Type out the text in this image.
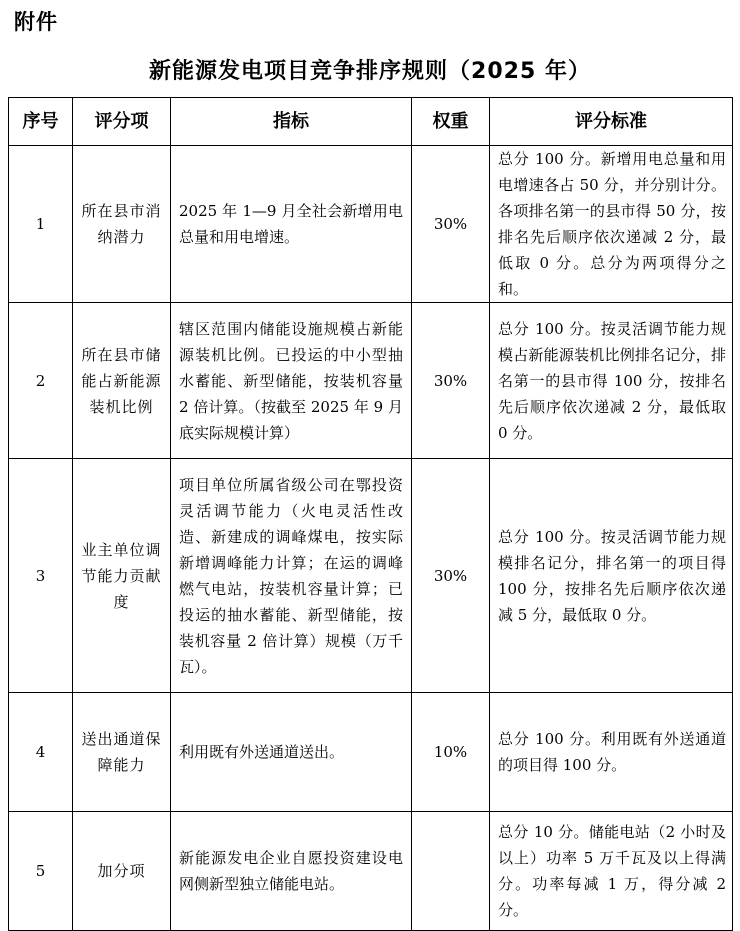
附件
新能源发电项目竞争排序规则（2025 年）
序号	评分项	指标	权重	评分标准
1	所在县市消纳潜力	2025 年 1—9 月全社会新增用电总量和用电增速。	30%	总分 100 分。新增用电总量和用电增速各占 50 分，并分别计分。各项排名第一的县市得 50 分，按排名先后顺序依次递减 2 分，最低取 0 分。总分为两项得分之和。
2	所在县市储能占新能源装机比例	辖区范围内储能设施规模占新能源装机比例。已投运的中小型抽水蓄能、新型储能，按装机容量 2 倍计算。（按截至 2025 年 9 月底实际规模计算）	30%	总分 100 分。按灵活调节能力规模占新能源装机比例排名记分，排名第一的县市得 100 分，按排名先后顺序依次递减 2 分，最低取 0 分。
3	业主单位调节能力贡献度	项目单位所属省级公司在鄂投资灵活调节能力（火电灵活性改造、新建成的调峰煤电，按实际新增调峰能力计算；在运的调峰燃气电站，按装机容量计算；已投运的抽水蓄能、新型储能，按装机容量 2 倍计算）规模（万千瓦）。	30%	总分 100 分。按灵活调节能力规模排名记分，排名第一的项目得 100 分，按排名先后顺序依次递减 5 分，最低取 0 分。
4	送出通道保障能力	利用既有外送通道送出。	10%	总分 100 分。利用既有外送通道的项目得 100 分。
5	加分项	新能源发电企业自愿投资建设电网侧新型独立储能电站。		总分 10 分。储能电站（2 小时及以上）功率 5 万千瓦及以上得满分。功率每减 1 万，得分减 2 分。
